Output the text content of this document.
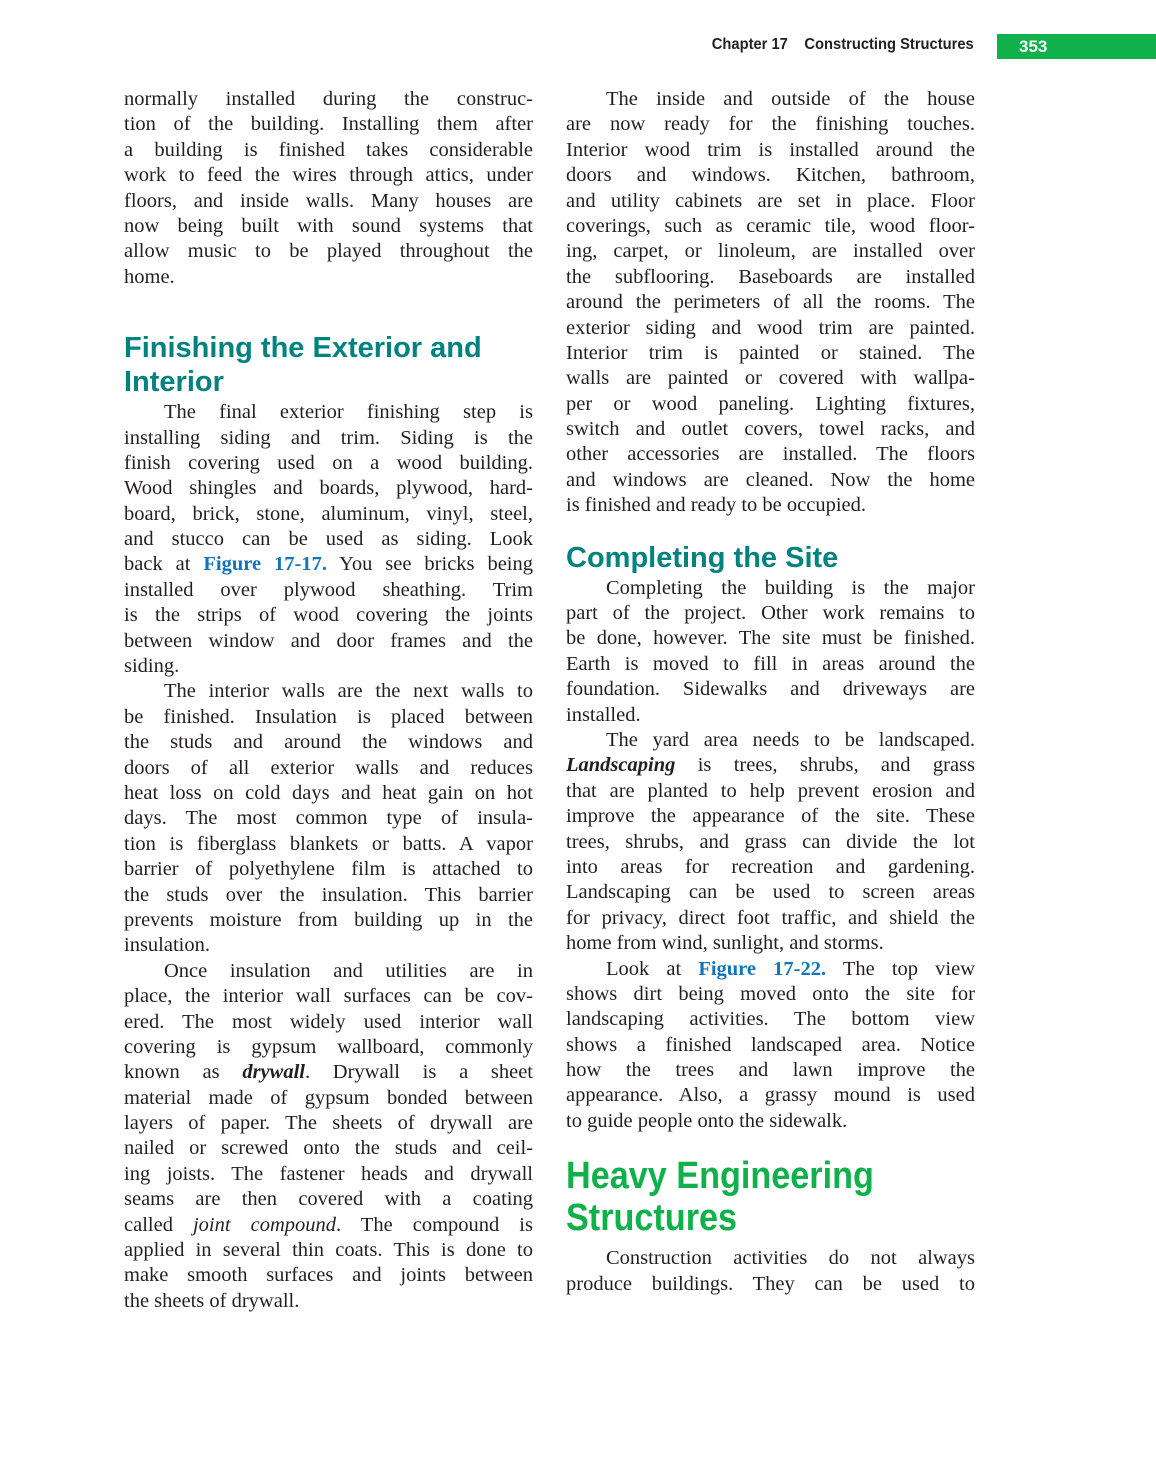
Chapter 17 Constructing Structures	353
normally installed during the construc-
tion of the building. Installing them after
a building is finished takes considerable
work to feed the wires through attics, under
floors, and inside walls. Many houses are
now being built with sound systems that
allow music to be played throughout the
home.
Finishing the Exterior and
Interior
The final exterior finishing step is
installing siding and trim. Siding is the
finish covering used on a wood building.
Wood shingles and boards, plywood, hard-
board, brick, stone, aluminum, vinyl, steel,
and stucco can be used as siding. Look
back at Figure 17-17. You see bricks being
installed over plywood sheathing. Trim
is the strips of wood covering the joints
between window and door frames and the
siding.
The interior walls are the next walls to
be finished. Insulation is placed between
the studs and around the windows and
doors of all exterior walls and reduces
heat loss on cold days and heat gain on hot
days. The most common type of insula-
tion is fiberglass blankets or batts. A vapor
barrier of polyethylene film is attached to
the studs over the insulation. This barrier
prevents moisture from building up in the
insulation.
Once insulation and utilities are in
place, the interior wall surfaces can be cov-
ered. The most widely used interior wall
covering is gypsum wallboard, commonly
known as drywall. Drywall is a sheet
material made of gypsum bonded between
layers of paper. The sheets of drywall are
nailed or screwed onto the studs and ceil-
ing joists. The fastener heads and drywall
seams are then covered with a coating
called joint compound. The compound is
applied in several thin coats. This is done to
make smooth surfaces and joints between
the sheets of drywall.
The inside and outside of the house
are now ready for the finishing touches.
Interior wood trim is installed around the
doors and windows. Kitchen, bathroom,
and utility cabinets are set in place. Floor
coverings, such as ceramic tile, wood floor-
ing, carpet, or linoleum, are installed over
the subflooring. Baseboards are installed
around the perimeters of all the rooms. The
exterior siding and wood trim are painted.
Interior trim is painted or stained. The
walls are painted or covered with wallpa-
per or wood paneling. Lighting fixtures,
switch and outlet covers, towel racks, and
other accessories are installed. The floors
and windows are cleaned. Now the home
is finished and ready to be occupied.
Completing the Site
Completing the building is the major
part of the project. Other work remains to
be done, however. The site must be finished.
Earth is moved to fill in areas around the
foundation. Sidewalks and driveways are
installed.
The yard area needs to be landscaped.
Landscaping is trees, shrubs, and grass
that are planted to help prevent erosion and
improve the appearance of the site. These
trees, shrubs, and grass can divide the lot
into areas for recreation and gardening.
Landscaping can be used to screen areas
for privacy, direct foot traffic, and shield the
home from wind, sunlight, and storms.
Look at Figure 17-22. The top view
shows dirt being moved onto the site for
landscaping activities. The bottom view
shows a finished landscaped area. Notice
how the trees and lawn improve the
appearance. Also, a grassy mound is used
to guide people onto the sidewalk.
Heavy Engineering
Structures
Construction activities do not always
produce buildings. They can be used to
